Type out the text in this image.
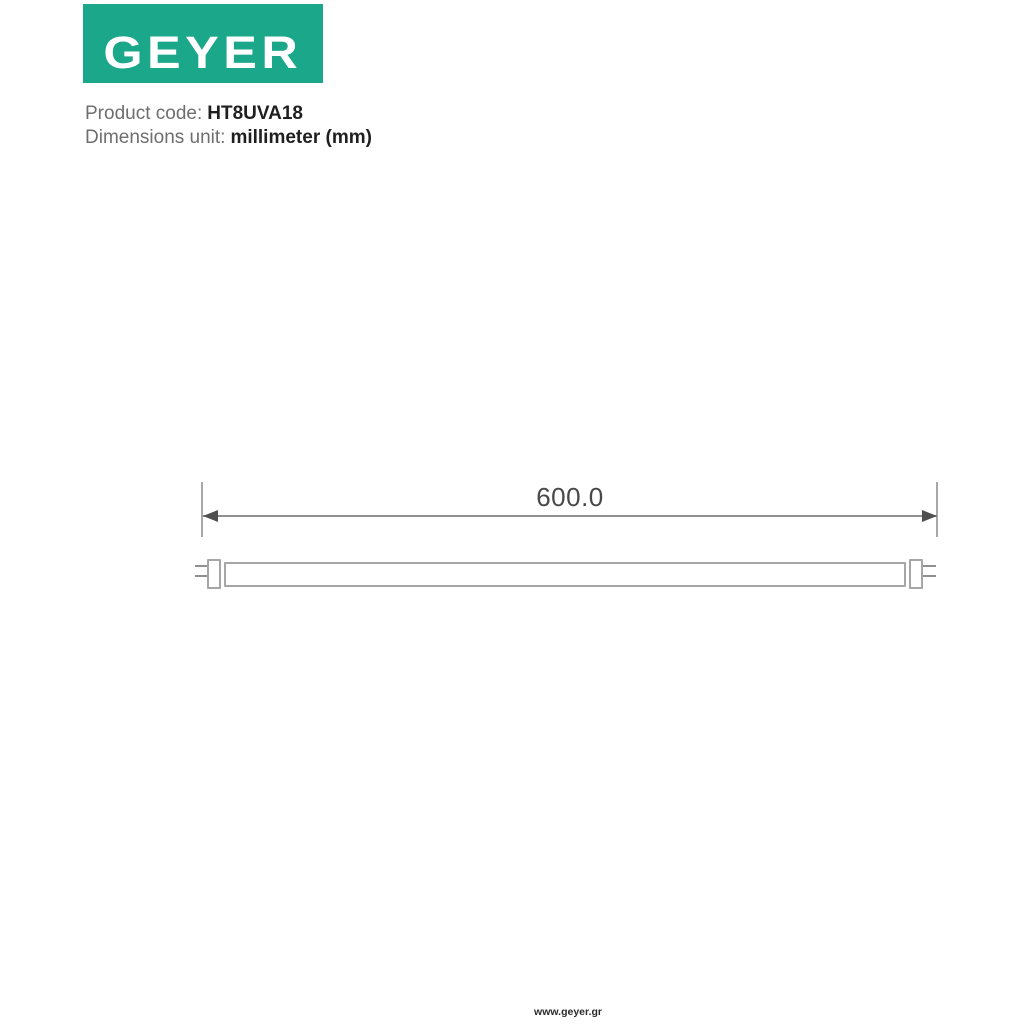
GEYER
Product code: HT8UVA18
Dimensions unit: millimeter (mm)
600.0
www.geyer.gr
